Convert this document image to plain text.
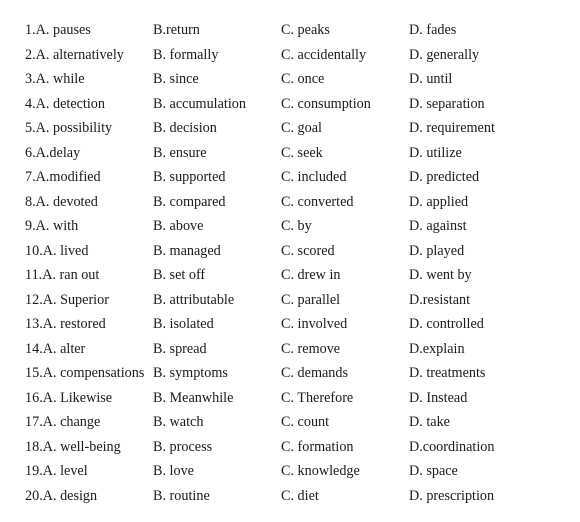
1.A. pauses	B.return	C. peaks	D. fades
2.A. alternatively B. formally	C. accidentally	D. generally
3.A. while	B. since	C. once	D. until
4.A. detection	B. accumulation C. consumption	D. separation
5.A. possibility	B. decision	C. goal	D. requirement
6.A.delay	B. ensure	C. seek	D. utilize
7.A.modified	B. supported	C. included	D. predicted
8.A. devoted	B. compared	C. converted	D. applied
9.A. with	B. above	C. by	D. against
10.A. lived	B. managed	C. scored	D. played
11.A. ran out	B. set off	C. drew in	D. went by
12.A. Superior	B. attributable	C. parallel	D.resistant
13.A. restored	B. isolated	C. involved	D. controlled
14.A. alter	B. spread	C. remove	D.explain
15.A. compensations B. symptoms	C. demands	D. treatments
16.A. Likewise	B. Meanwhile	C. Therefore	D. Instead
17.A. change	B. watch	C. count	D. take
18.A. well-being B. process	C. formation	D.coordination
19.A. level	B. love	C. knowledge	D. space
20.A. design	B. routine	C. diet	D. prescription
